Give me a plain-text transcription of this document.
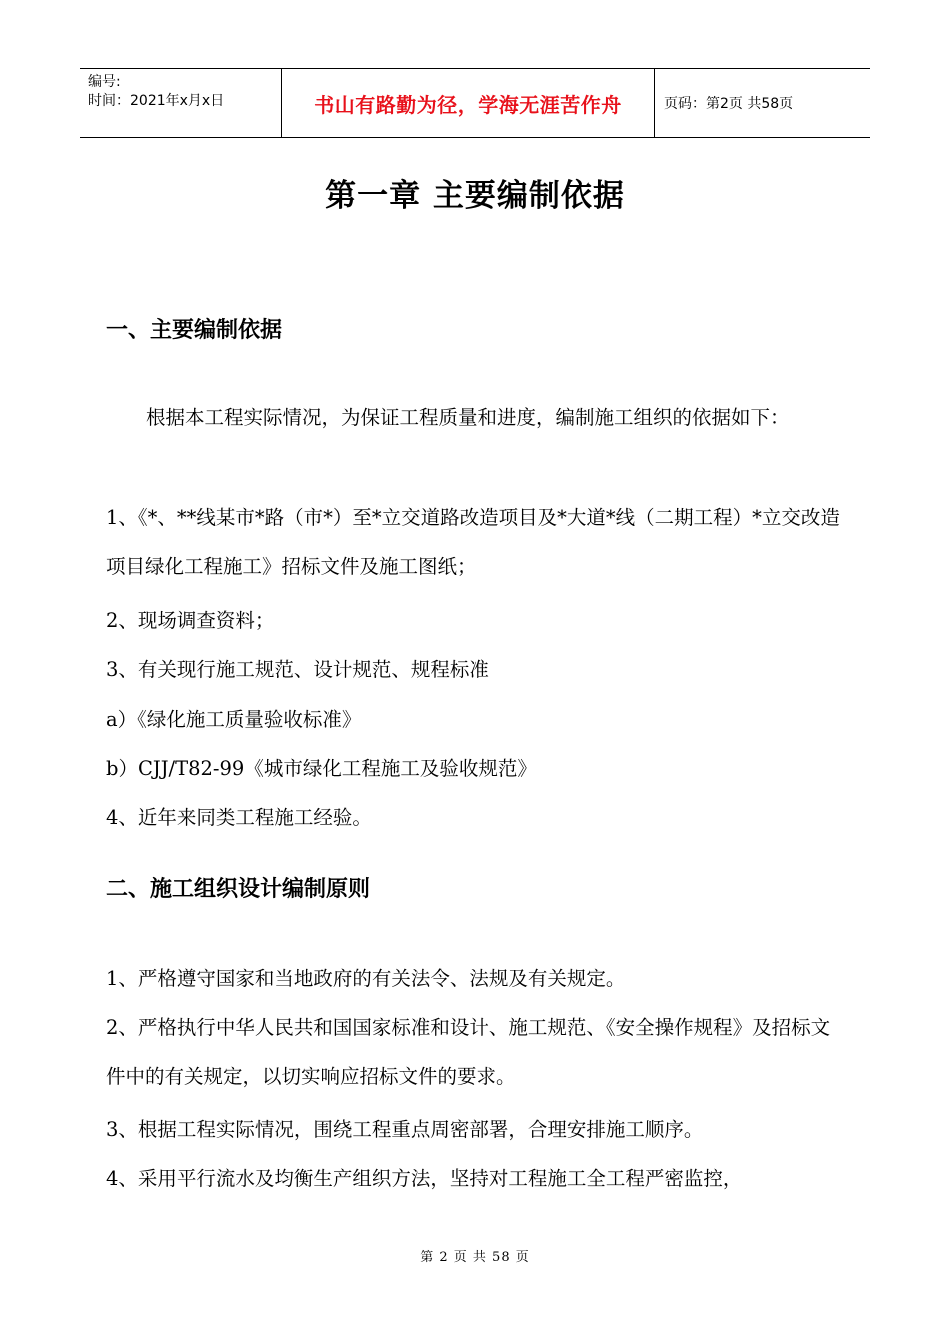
编号:
时间：2021年x月x日	书山有路勤为径，学海无涯苦作舟	页码：第2页 共58页
第一章 主要编制依据
一、主要编制依据
根据本工程实际情况，为保证工程质量和进度，编制施工组织的依据如下：
1、《*、**线某市*路（市*）至*立交道路改造项目及*大道*线（二期工程）*立交改造项目绿化工程施工》招标文件及施工图纸；
2、现场调查资料；
3、有关现行施工规范、设计规范、规程标准
a）《绿化施工质量验收标准》
b）CJJ/T82-99《城市绿化工程施工及验收规范》
4、近年来同类工程施工经验。
二、施工组织设计编制原则
1、严格遵守国家和当地政府的有关法令、法规及有关规定。
2、严格执行中华人民共和国国家标准和设计、施工规范、《安全操作规程》及招标文件中的有关规定，以切实响应招标文件的要求。
3、根据工程实际情况，围绕工程重点周密部署，合理安排施工顺序。
4、采用平行流水及均衡生产组织方法，坚持对工程施工全工程严密监控，
第 2 页 共 58 页
